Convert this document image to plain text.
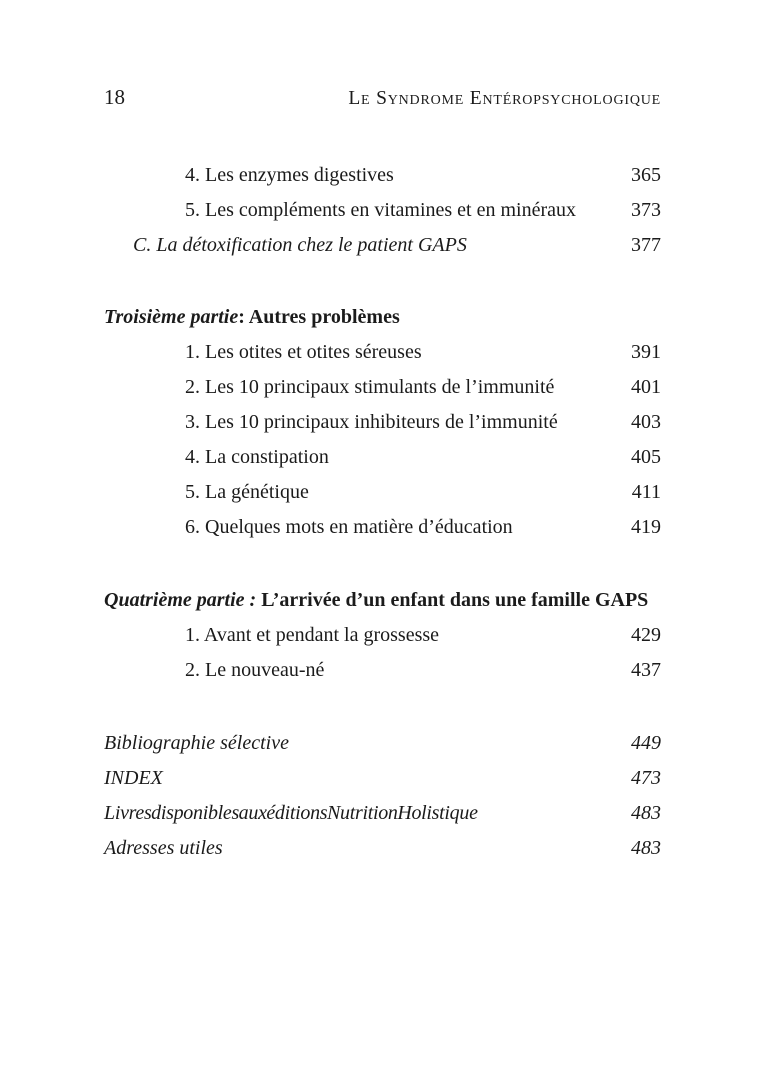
18	Le Syndrome Entéropsychologique
4. Les enzymes digestives	365
5. Les compléments en vitamines et en minéraux	373
C. La détoxification chez le patient GAPS	377
Troisième partie: Autres problèmes
1. Les otites et otites séreuses	391
2. Les 10 principaux stimulants de l’immunité	401
3. Les 10 principaux inhibiteurs de l’immunité	403
4. La constipation	405
5. La génétique	411
6. Quelques mots en matière d’éducation	419
Quatrième partie : L’arrivée d’un enfant dans une famille GAPS
1. Avant et pendant la grossesse	429
2. Le nouveau-né	437
Bibliographie sélective	449
INDEX	473
Livres disponibles aux éditions Nutrition Holistique	483
Adresses utiles	483
